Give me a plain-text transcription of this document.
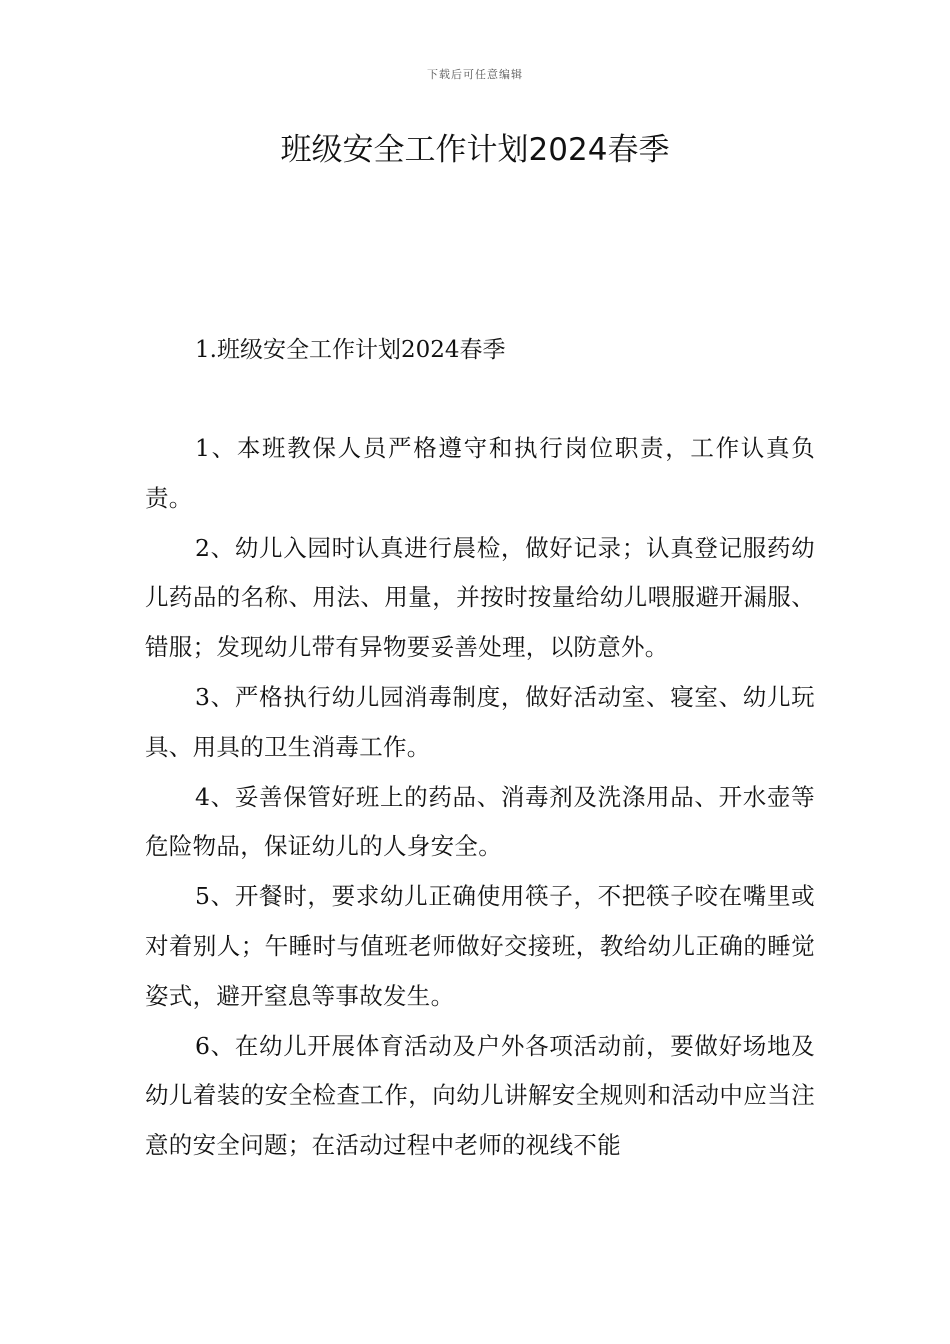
下载后可任意编辑
班级安全工作计划2024春季
1.班级安全工作计划2024春季

1、本班教保人员严格遵守和执行岗位职责，工作认真负责。

2、幼儿入园时认真进行晨检，做好记录；认真登记服药幼儿药品的名称、用法、用量，并按时按量给幼儿喂服避开漏服、错服；发现幼儿带有异物要妥善处理，以防意外。

3、严格执行幼儿园消毒制度，做好活动室、寝室、幼儿玩具、用具的卫生消毒工作。

4、妥善保管好班上的药品、消毒剂及洗涤用品、开水壶等危险物品，保证幼儿的人身安全。

5、开餐时，要求幼儿正确使用筷子，不把筷子咬在嘴里或对着别人；午睡时与值班老师做好交接班，教给幼儿正确的睡觉姿式，避开窒息等事故发生。

6、在幼儿开展体育活动及户外各项活动前，要做好场地及幼儿着装的安全检查工作，向幼儿讲解安全规则和活动中应当注意的安全问题；在活动过程中老师的视线不能
